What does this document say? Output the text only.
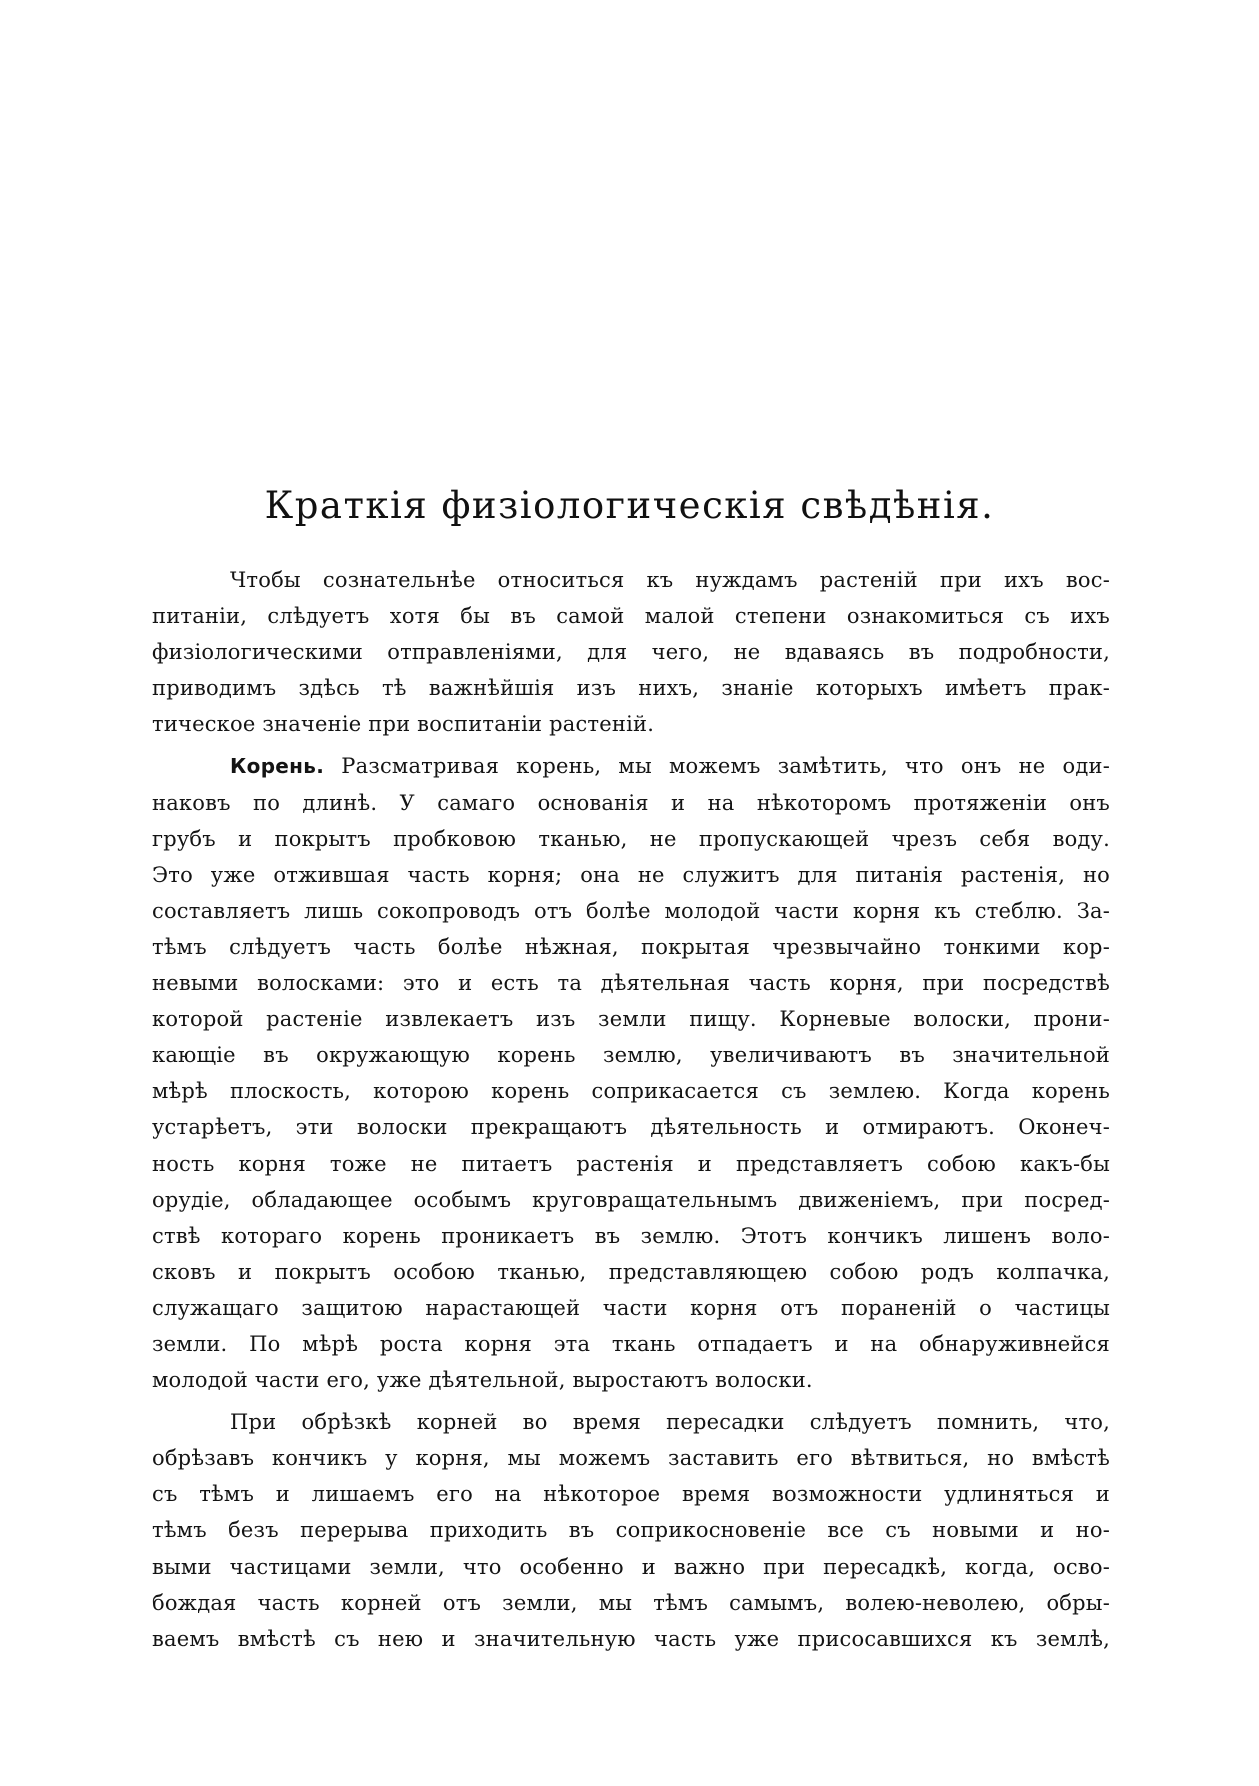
Краткія физіологическія свѣдѣнія.
Чтобы сознательнѣе относиться къ нуждамъ растеній при ихъ вос-
питаніи, слѣдуетъ хотя бы въ самой малой степени ознакомиться съ ихъ
физіологическими отправленіями, для чего, не вдаваясь въ подробности,
приводимъ здѣсь тѣ важнѣйшія изъ нихъ, знаніе которыхъ имѣетъ прак-
тическое значеніе при воспитаніи растеній.
Корень. Разсматривая корень, мы можемъ замѣтить, что онъ не оди-
наковъ по длинѣ. У самаго основанія и на нѣкоторомъ протяженіи онъ
грубъ и покрытъ пробковою тканью, не пропускающей чрезъ себя воду.
Это уже отжившая часть корня; она не служитъ для питанія растенія, но
составляетъ лишь сокопроводъ отъ болѣе молодой части корня къ стеблю. За-
тѣмъ слѣдуетъ часть болѣе нѣжная, покрытая чрезвычайно тонкими кор-
невыми волосками: это и есть та дѣятельная часть корня, при посредствѣ
которой растеніе извлекаетъ изъ земли пищу. Корневые волоски, прони-
кающіе въ окружающую корень землю, увеличиваютъ въ значительной
мѣрѣ плоскость, которою корень соприкасается съ землею. Когда корень
устарѣетъ, эти волоски прекращаютъ дѣятельность и отмираютъ. Оконеч-
ность корня тоже не питаетъ растенія и представляетъ собою какъ-бы
орудіе, обладающее особымъ круговращательнымъ движеніемъ, при посред-
ствѣ котораго корень проникаетъ въ землю. Этотъ кончикъ лишенъ воло-
сковъ и покрытъ особою тканью, представляющею собою родъ колпачка,
служащаго защитою нарастающей части корня отъ пораненій о частицы
земли. По мѣрѣ роста корня эта ткань отпадаетъ и на обнаруживнейся
молодой части его, уже дѣятельной, выростаютъ волоски.
При обрѣзкѣ корней во время пересадки слѣдуетъ помнить, что,
обрѣзавъ кончикъ у корня, мы можемъ заставить его вѣтвиться, но вмѣстѣ
съ тѣмъ и лишаемъ его на нѣкоторое время возможности удлиняться и
тѣмъ безъ перерыва приходить въ соприкосновеніе все съ новыми и но-
выми частицами земли, что особенно и важно при пересадкѣ, когда, осво-
бождая часть корней отъ земли, мы тѣмъ самымъ, волею-неволею, обры-
ваемъ вмѣстѣ съ нею и значительную часть уже присосавшихся къ землѣ,
